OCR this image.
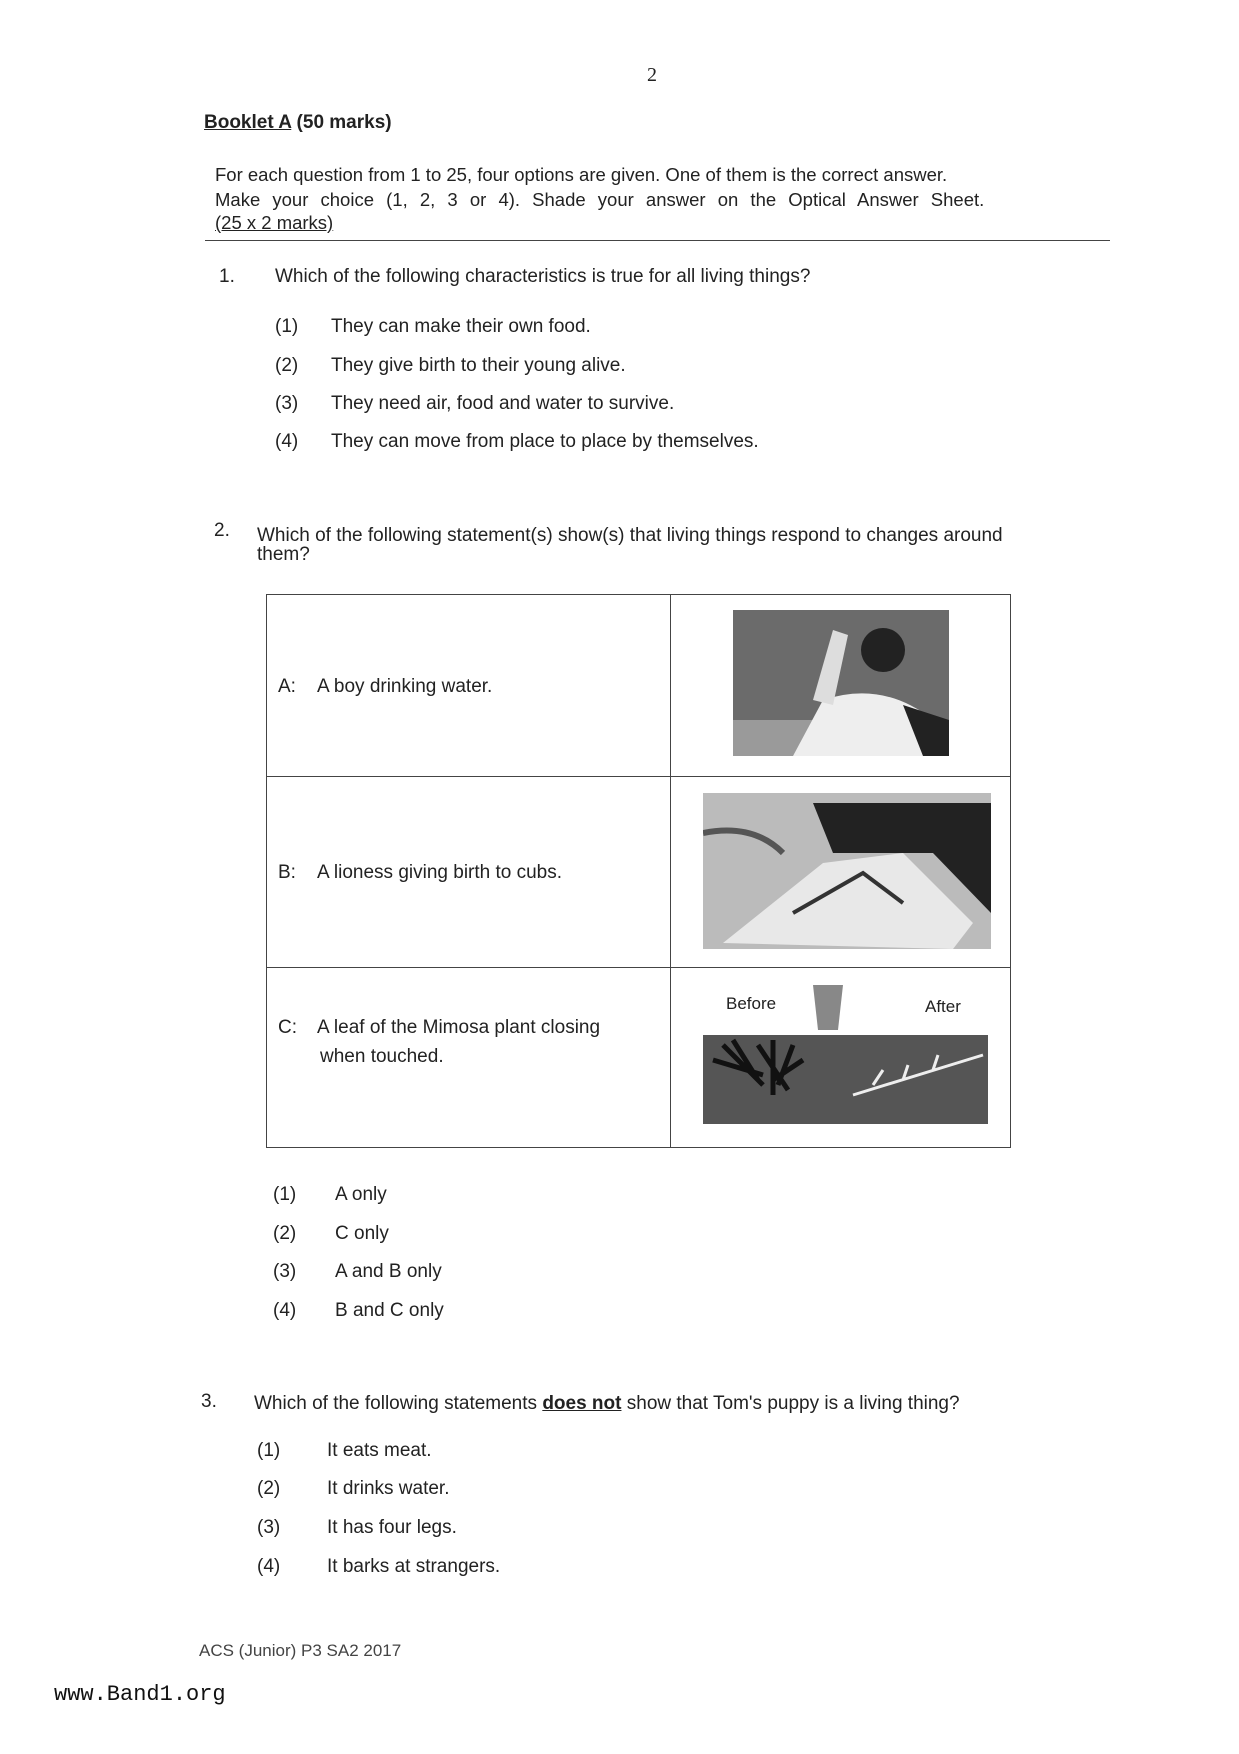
2
Booklet A (50 marks)
For each question from 1 to 25, four options are given. One of them is the correct answer.
Make your choice (1, 2, 3 or 4). Shade your answer on the Optical Answer Sheet.
(25 x 2 marks)
1. Which of the following characteristics is true for all living things?
(1) They can make their own food.
(2) They give birth to their young alive.
(3) They need air, food and water to survive.
(4) They can move from place to place by themselves.
2. Which of the following statement(s) show(s) that living things respond to changes around
them?
A: A boy drinking water.
B: A lioness giving birth to cubs.
C: A leaf of the Mimosa plant closing
when touched.
Before	After
(1) A only
(2) C only
(3) A and B only
(4) B and C only
3. Which of the following statements does not show that Tom's puppy is a living thing?
(1) It eats meat.
(2) It drinks water.
(3) It has four legs.
(4) It barks at strangers.
ACS (Junior) P3 SA2 2017
www.Band1.org
